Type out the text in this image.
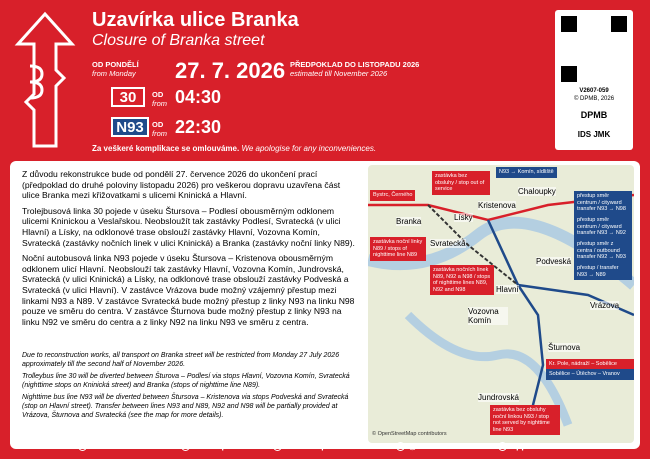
Uzavírka ulice Branka
Closure of Branka street
OD PONDĚLÍ
from Monday 27. 7. 2026 PŘEDPOKLAD DO LISTOPADU 2026
estimated till November 2026
30	OD
from 04:30
N93	OD
from 22:30
Za veškeré komplikace se omlouváme. We apologise for any inconveniences.
V2607-059
© DPMB, 2026
DPMB
IDS JMK

Z důvodu rekonstrukce bude od pondělí 27. července 2026 do ukončení prací (předpoklad do druhé poloviny listopadu 2026) pro veškerou dopravu uzavřena část ulice Branka mezi křižovatkami s ulicemi Kninická a Hlavní.

Trolejbusová linka 30 pojede v úseku Štursova – Podlesí obousměrným odklonem ulicemi Kninickou a Veslařskou. Neobsloužít tak zastávky Podlesí, Svratecká (v ulici Hlavní) a Lísky, na odklonové trase obslouží zastávky Hlavní, Vozovna Komín, Svratecká (zastávky nočních linek v ulici Kninická) a Branka (zastávky noční linky N89).

Noční autobusová linka N93 pojede v úseku Štursova – Kristenova obousměrným odklonem ulicí Hlavní. Neobslouží tak zastávky Hlavní, Vozovna Komín, Jundrovská, Svratecká (v ulici Kninická) a Lísky, na odklonové trase obslouží zastávky Podveská a Svratecká (v ulici Hlavní). V zastávce Vrázova bude možný vzájemný přestup mezi linkami N93 a N89. V zastávce Svratecká bude možný přestup z linky N93 na linku N98 pouze ve směru do centra. V zastávce Šturnova bude možný přestup z linky N93 na linku N92 ve směru do centra a z linky N92 na linku N93 ve směru z centra.

Due to reconstruction works, all transport on Branka street will be restricted from Monday 27 July 2026 approximately till the second half of November 2026.

Trolleybus line 30 will be diverted between Šturova – Podlesí via stops Hlavní, Vozovna Komín, Svratecká (nighttime stops on Kninická street) and Branka (stops of nighttime line N89).

Nighttime bus line N93 will be diverted between Štursova – Kristenova via stops Podveská and Svratecká (stop on Hlavní street). Transfer between lines N93 and N89, N92 and N98 will be partially provided at Vrázova, Šturnova and Svratecká (see the map for more details).

Kristenova
Chaloupky
Branka	Lísky
Svratecká
Podveská
Hlavní
Vozovna Komín
Vrázova
Šturnova
Jundrovská
N93 → Komín, sídliště
Bystrc, Černého
zastávka bez obsluhy / stop out of service
zastávka noční linky N89 / stops of nighttime line N89
zastávka nočních linek N89, N92 a N98 / stops of nighttime lines N89, N92 and N98
přestup směr centrum / cityward transfer N93 → N98
přestup směr centrum / cityward transfer N93 → N92
přestup směr z centra / outbound transfer N92 → N93
přestup / transfer N93 → N89
Kr. Pole, nádraží – Sobělice
Sobělice – Útěchov – Vranov
zastávka bez obsluhy noční linkou N93 / stop not served by nighttime line N93
© OpenStreetMap contributors
+420 5 4317 4317	www.dpmb.cz	fb.com/dpmbaktualne	@DPMBaktualne	app: DPMBinfo
